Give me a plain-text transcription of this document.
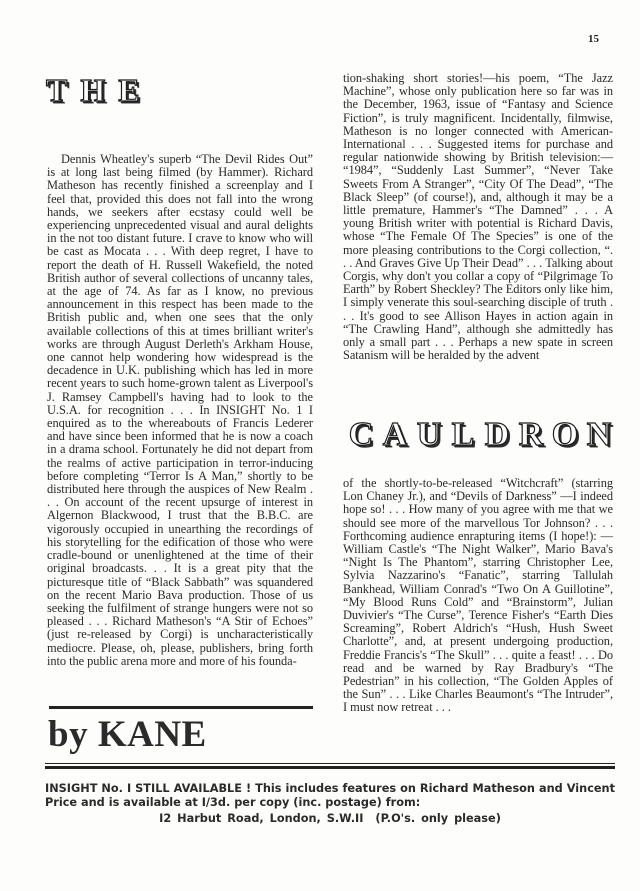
15
T H E

Dennis Wheatley's superb “The Devil Rides Out” is at long last being filmed (by Hammer). Richard Matheson has recently finished a screenplay and I feel that, provided this does not fall into the wrong hands, we seekers after ecstasy could well be experiencing unprecedented visual and aural delights in the not too distant future. I crave to know who will be cast as Mocata . . . With deep regret, I have to report the death of H. Russell Wakefield, the noted British author of several collections of uncanny tales, at the age of 74. As far as I know, no previous announcement in this respect has been made to the British public and, when one sees that the only available collections of this at times brilliant writer's works are through August Derleth's Arkham House, one cannot help wondering how widespread is the decadence in U.K. publishing which has led in more recent years to such home-grown talent as Liverpool's J. Ramsey Campbell's having had to look to the U.S.A. for recognition . . . In INSIGHT No. 1 I enquired as to the whereabouts of Francis Lederer and have since been informed that he is now a coach in a drama school. Fortunately he did not depart from the realms of active participation in terror-inducing before completing “Terror Is A Man,” shortly to be distributed here through the auspices of New Realm . . . On account of the recent upsurge of interest in Algernon Blackwood, I trust that the B.B.C. are vigorously occupied in unearthing the recordings of his storytelling for the edification of those who were cradle-bound or unenlightened at the time of their original broadcasts. . . It is a great pity that the picturesque title of “Black Sabbath” was squandered on the recent Mario Bava production. Those of us seeking the fulfilment of strange hungers were not so pleased . . . Richard Matheson's “A Stir of Echoes” (just re-released by Corgi) is uncharacteristically mediocre. Please, oh, please, publishers, bring forth into the public arena more and more of his founda-

by KANE

tion-shaking short stories!—his poem, “The Jazz Machine”, whose only publication here so far was in the December, 1963, issue of “Fantasy and Science Fiction”, is truly magnificent. Incidentally, filmwise, Matheson is no longer connected with American-International . . . Suggested items for purchase and regular nationwide showing by British television:— “1984”, “Suddenly Last Summer”, “Never Take Sweets From A Stranger”, “City Of The Dead”, “The Black Sleep” (of course!), and, although it may be a little premature, Hammer's “The Damned” . . . A young British writer with potential is Richard Davis, whose “The Female Of The Species” is one of the more pleasing contributions to the Corgi collection, “. . . And Graves Give Up Their Dead” . . . Talking about Corgis, why don't you collar a copy of “Pilgrimage To Earth” by Robert Sheckley? The Editors only like him, I simply venerate this soul-searching disciple of truth . . . It's good to see Allison Hayes in action again in “The Crawling Hand”, although she admittedly has only a small part . . . Perhaps a new spate in screen Satanism will be heralded by the advent

C A U L D R O N

of the shortly-to-be-released “Witchcraft” (starring Lon Chaney Jr.), and “Devils of Darkness” —I indeed hope so! . . . How many of you agree with me that we should see more of the marvellous Tor Johnson? . . . Forthcoming audience enrapturing items (I hope!): —William Castle's “The Night Walker”, Mario Bava's “Night Is The Phantom”, starring Christopher Lee, Sylvia Nazzarino's “Fanatic”, starring Tallulah Bankhead, William Conrad's “Two On A Guillotine”, “My Blood Runs Cold” and “Brainstorm”, Julian Duvivier's “The Curse”, Terence Fisher's “Earth Dies Screaming”, Robert Aldrich's “Hush, Hush Sweet Charlotte”, and, at present undergoing production, Freddie Francis's “The Skull” . . . quite a feast! . . . Do read and be warned by Ray Bradbury's “The Pedestrian” in his collection, “The Golden Apples of the Sun” . . . Like Charles Beaumont's “The Intruder”, I must now retreat . . .

INSIGHT No. I STILL AVAILABLE ! This includes features on Richard Matheson and Vincent Price and is available at I/3d. per copy (inc. postage) from:

I2 Harbut Road, London, S.W.II (P.O's. only please)
